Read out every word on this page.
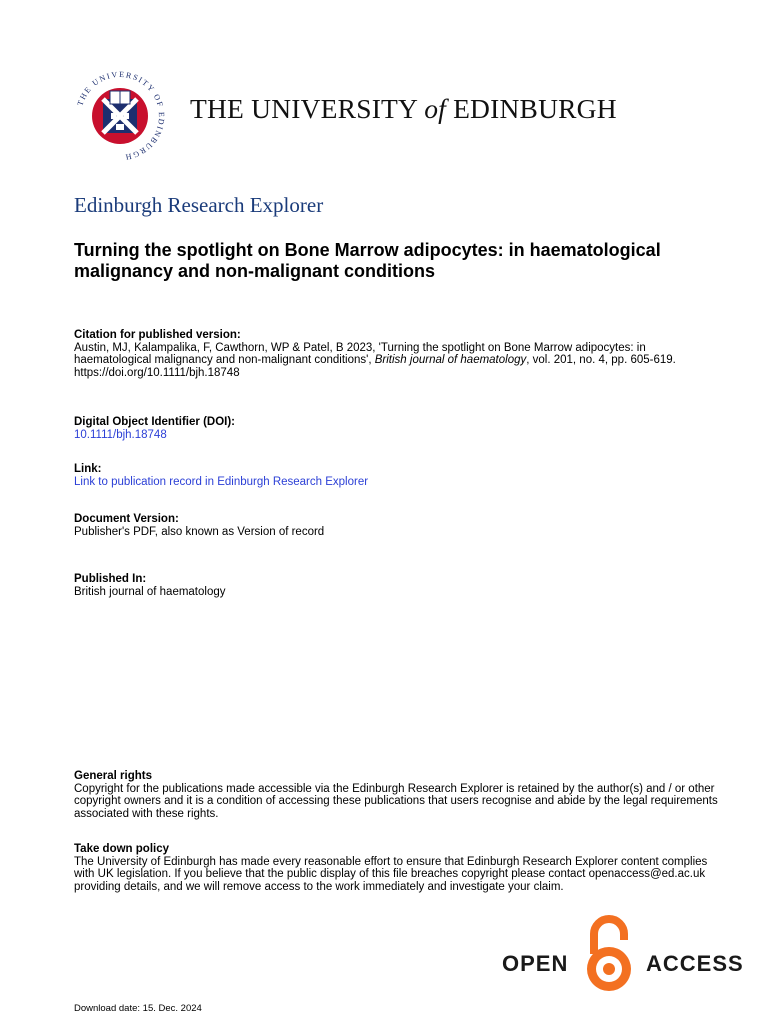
THE UNIVERSITY OF EDINBURGH
THE UNIVERSITY of EDINBURGH
Edinburgh Research Explorer
Turning the spotlight on Bone Marrow adipocytes: in haematological malignancy and non-malignant conditions
Citation for published version:
Austin, MJ, Kalampalika, F, Cawthorn, WP & Patel, B 2023, 'Turning the spotlight on Bone Marrow adipocytes: in haematological malignancy and non-malignant conditions', British journal of haematology, vol. 201, no. 4, pp. 605-619. https://doi.org/10.1111/bjh.18748
Digital Object Identifier (DOI):
10.1111/bjh.18748
Link:
Link to publication record in Edinburgh Research Explorer
Document Version:
Publisher's PDF, also known as Version of record
Published In:
British journal of haematology
General rights
Copyright for the publications made accessible via the Edinburgh Research Explorer is retained by the author(s) and / or other copyright owners and it is a condition of accessing these publications that users recognise and abide by the legal requirements associated with these rights.
Take down policy
The University of Edinburgh has made every reasonable effort to ensure that Edinburgh Research Explorer content complies with UK legislation. If you believe that the public display of this file breaches copyright please contact openaccess@ed.ac.uk providing details, and we will remove access to the work immediately and investigate your claim.
OPEN	ACCESS
Download date: 15. Dec. 2024
